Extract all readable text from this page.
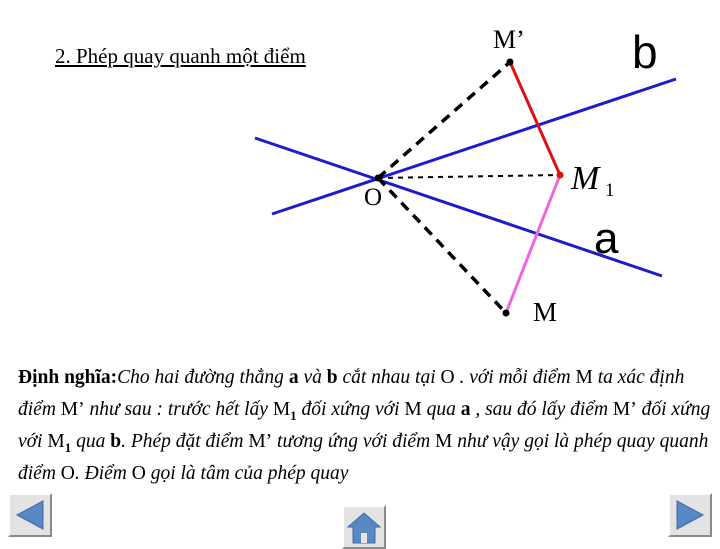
2. Phép quay quanh một điểm
M’ b
M 1
O
a
M
Định nghĩa:Cho hai đường thẳng a và b cắt nhau tại O . với mỗi điểm M ta xác định điểm M’ như sau : trước hết lấy $M_1$ đối xứng với M qua a , sau đó lấy điểm M’ đối xứng với $M_1$ qua b. Phép đặt điểm M’ tương ứng với điểm M như vậy gọi là phép quay quanh điểm O. Điểm O gọi là tâm của phép quay
